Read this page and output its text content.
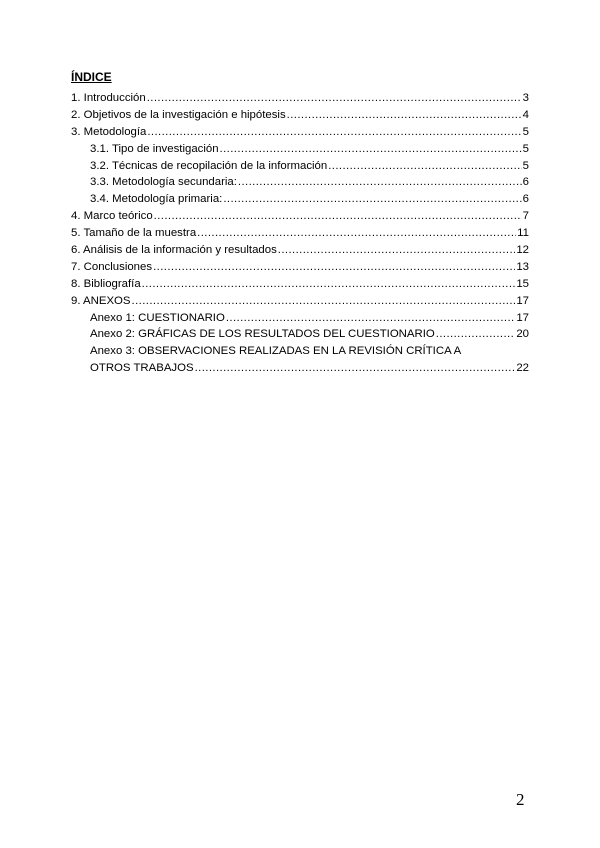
ÍNDICE
1. Introducción .....	3
2. Objetivos de la investigación e hipótesis .....	4
3. Metodología .....	5
3.1. Tipo de investigación .....	5
3.2. Técnicas de recopilación de la información .....	5
3.3. Metodología secundaria: .....	6
3.4. Metodología primaria: .....	6
4. Marco teórico .....	7
5. Tamaño de la muestra .....	11
6. Análisis de la información y resultados .....	12
7. Conclusiones .....	13
8. Bibliografía .....	15
9. ANEXOS .....	17
Anexo 1: CUESTIONARIO .....	17
Anexo 2: GRÁFICAS DE LOS RESULTADOS DEL CUESTIONARIO .....	20
Anexo 3: OBSERVACIONES REALIZADAS EN LA REVISIÓN CRÍTICA A
OTROS TRABAJOS .....	22
2
